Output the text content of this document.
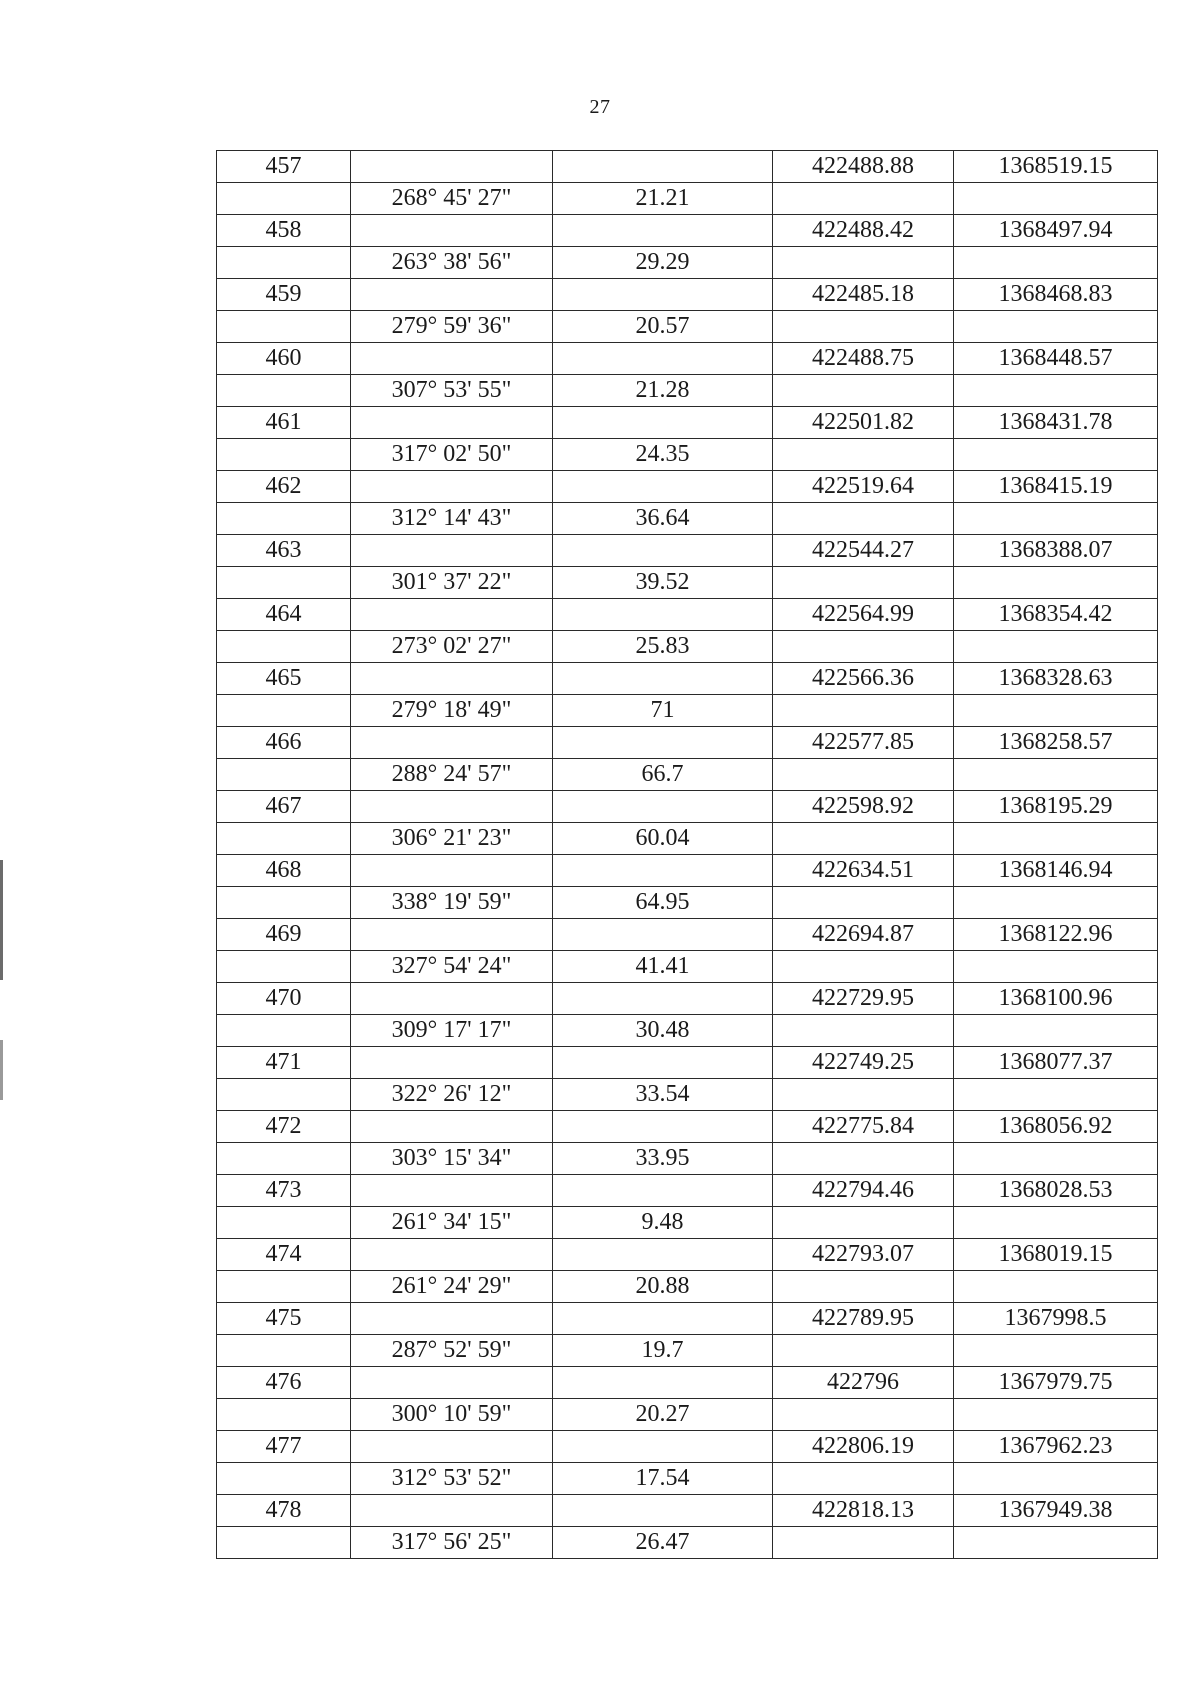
27
457			422488.88	1368519.15
	268° 45' 27"	21.21		
458			422488.42	1368497.94
	263° 38' 56"	29.29		
459			422485.18	1368468.83
	279° 59' 36"	20.57		
460			422488.75	1368448.57
	307° 53' 55"	21.28		
461			422501.82	1368431.78
	317° 02' 50"	24.35		
462			422519.64	1368415.19
	312° 14' 43"	36.64		
463			422544.27	1368388.07
	301° 37' 22"	39.52		
464			422564.99	1368354.42
	273° 02' 27"	25.83		
465			422566.36	1368328.63
	279° 18' 49"	71		
466			422577.85	1368258.57
	288° 24' 57"	66.7		
467			422598.92	1368195.29
	306° 21' 23"	60.04		
468			422634.51	1368146.94
	338° 19' 59"	64.95		
469			422694.87	1368122.96
	327° 54' 24"	41.41		
470			422729.95	1368100.96
	309° 17' 17"	30.48		
471			422749.25	1368077.37
	322° 26' 12"	33.54		
472			422775.84	1368056.92
	303° 15' 34"	33.95		
473			422794.46	1368028.53
	261° 34' 15"	9.48		
474			422793.07	1368019.15
	261° 24' 29"	20.88		
475			422789.95	1367998.5
	287° 52' 59"	19.7		
476			422796	1367979.75
	300° 10' 59"	20.27		
477			422806.19	1367962.23
	312° 53' 52"	17.54		
478			422818.13	1367949.38
	317° 56' 25"	26.47		
